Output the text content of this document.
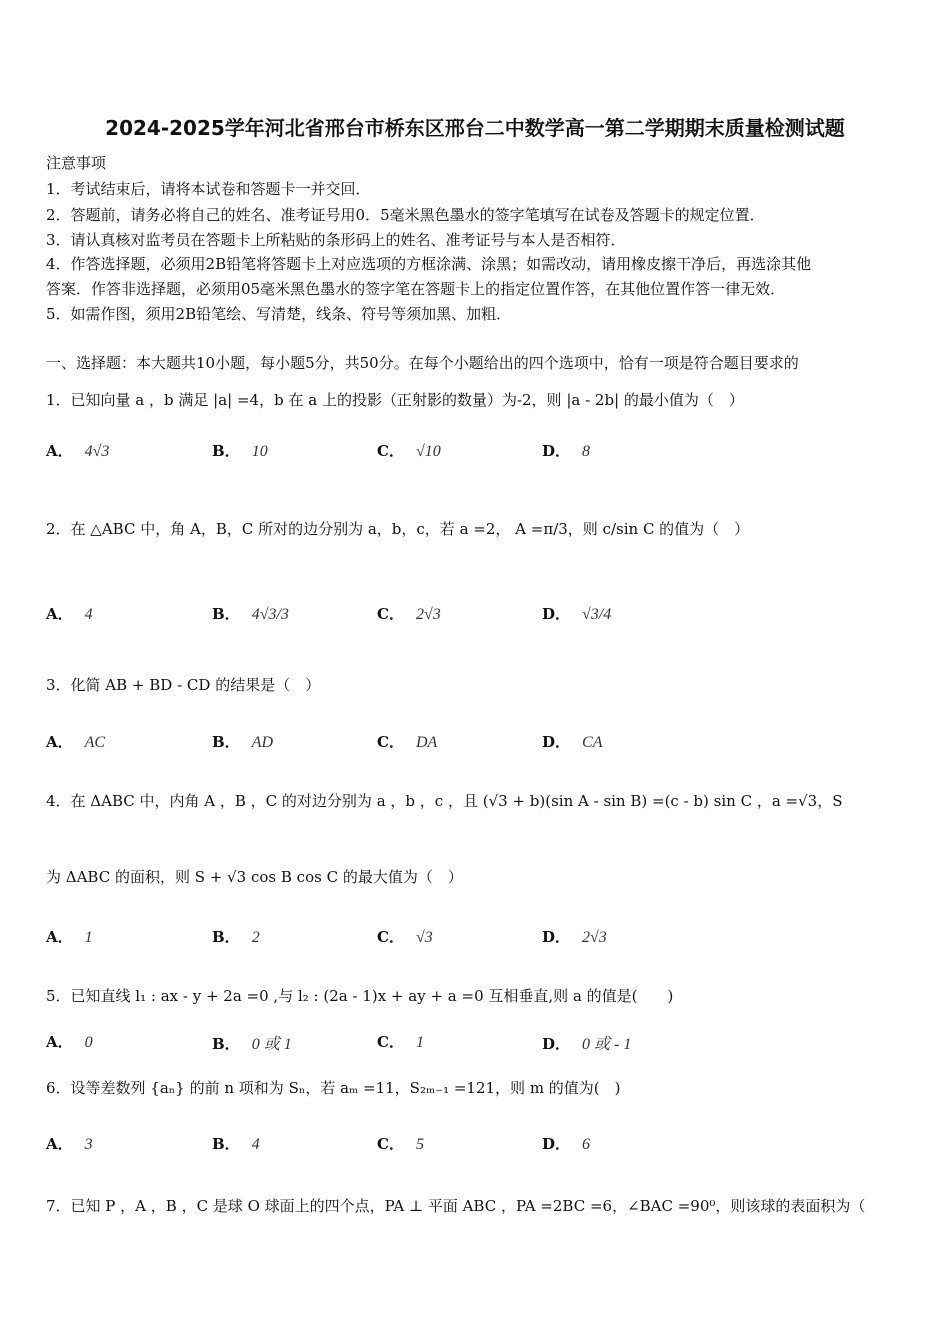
2024-2025学年河北省邢台市桥东区邢台二中数学高一第二学期期末质量检测试题
注意事项
1．考试结束后，请将本试卷和答题卡一并交回．
2．答题前，请务必将自己的姓名、准考证号用0．5毫米黑色墨水的签字笔填写在试卷及答题卡的规定位置．
3．请认真核对监考员在答题卡上所粘贴的条形码上的姓名、准考证号与本人是否相符．
4．作答选择题，必须用2B铅笔将答题卡上对应选项的方框涂满、涂黑；如需改动，请用橡皮擦干净后，再选涂其他
答案．作答非选择题，必须用05毫米黑色墨水的签字笔在答题卡上的指定位置作答，在其他位置作答一律无效．
5．如需作图，须用2B铅笔绘、写清楚，线条、符号等须加黑、加粗．
一、选择题：本大题共10小题，每小题5分，共50分。在每个小题给出的四个选项中，恰有一项是符合题目要求的
1．已知向量 a ，b 满足 |a| =4，b 在 a 上的投影（正射影的数量）为-2，则 |a - 2b| 的最小值为（　）
A． 4√3	B． 10	C． √10	D． 8
2．在 △ABC 中，角 A，B，C 所对的边分别为 a，b，c，若 a =2， A =π/3，则 c/sin C 的值为（　）
A． 4	B． 4√3/3	C． 2√3	D． √3/4
3．化简 AB + BD - CD 的结果是（　）
A． AC	B． AD	C． DA	D． CA
4．在 ΔABC 中，内角 A ，B ，C 的对边分别为 a ，b ，c ，且 (√3 + b)(sin A - sin B) =(c - b) sin C ，a =√3，S
为 ΔABC 的面积，则 S + √3 cos B cos C 的最大值为（　）
A． 1	B． 2	C． √3	D． 2√3
5．已知直线 l₁ : ax - y + 2a =0 ,与 l₂ : (2a - 1)x + ay + a =0 互相垂直,则 a 的值是(　　)
A． 0	B． 0 或 1	C． 1	D． 0 或 - 1
6．设等差数列 {aₙ} 的前 n 项和为 Sₙ，若 aₘ =11，S₂ₘ₋₁ =121，则 m 的值为(　)
A． 3	B． 4	C． 5	D． 6
7．已知 P ，A ，B ，C 是球 O 球面上的四个点，PA ⊥ 平面 ABC ，PA =2BC =6，∠BAC =90⁰，则该球的表面积为（
